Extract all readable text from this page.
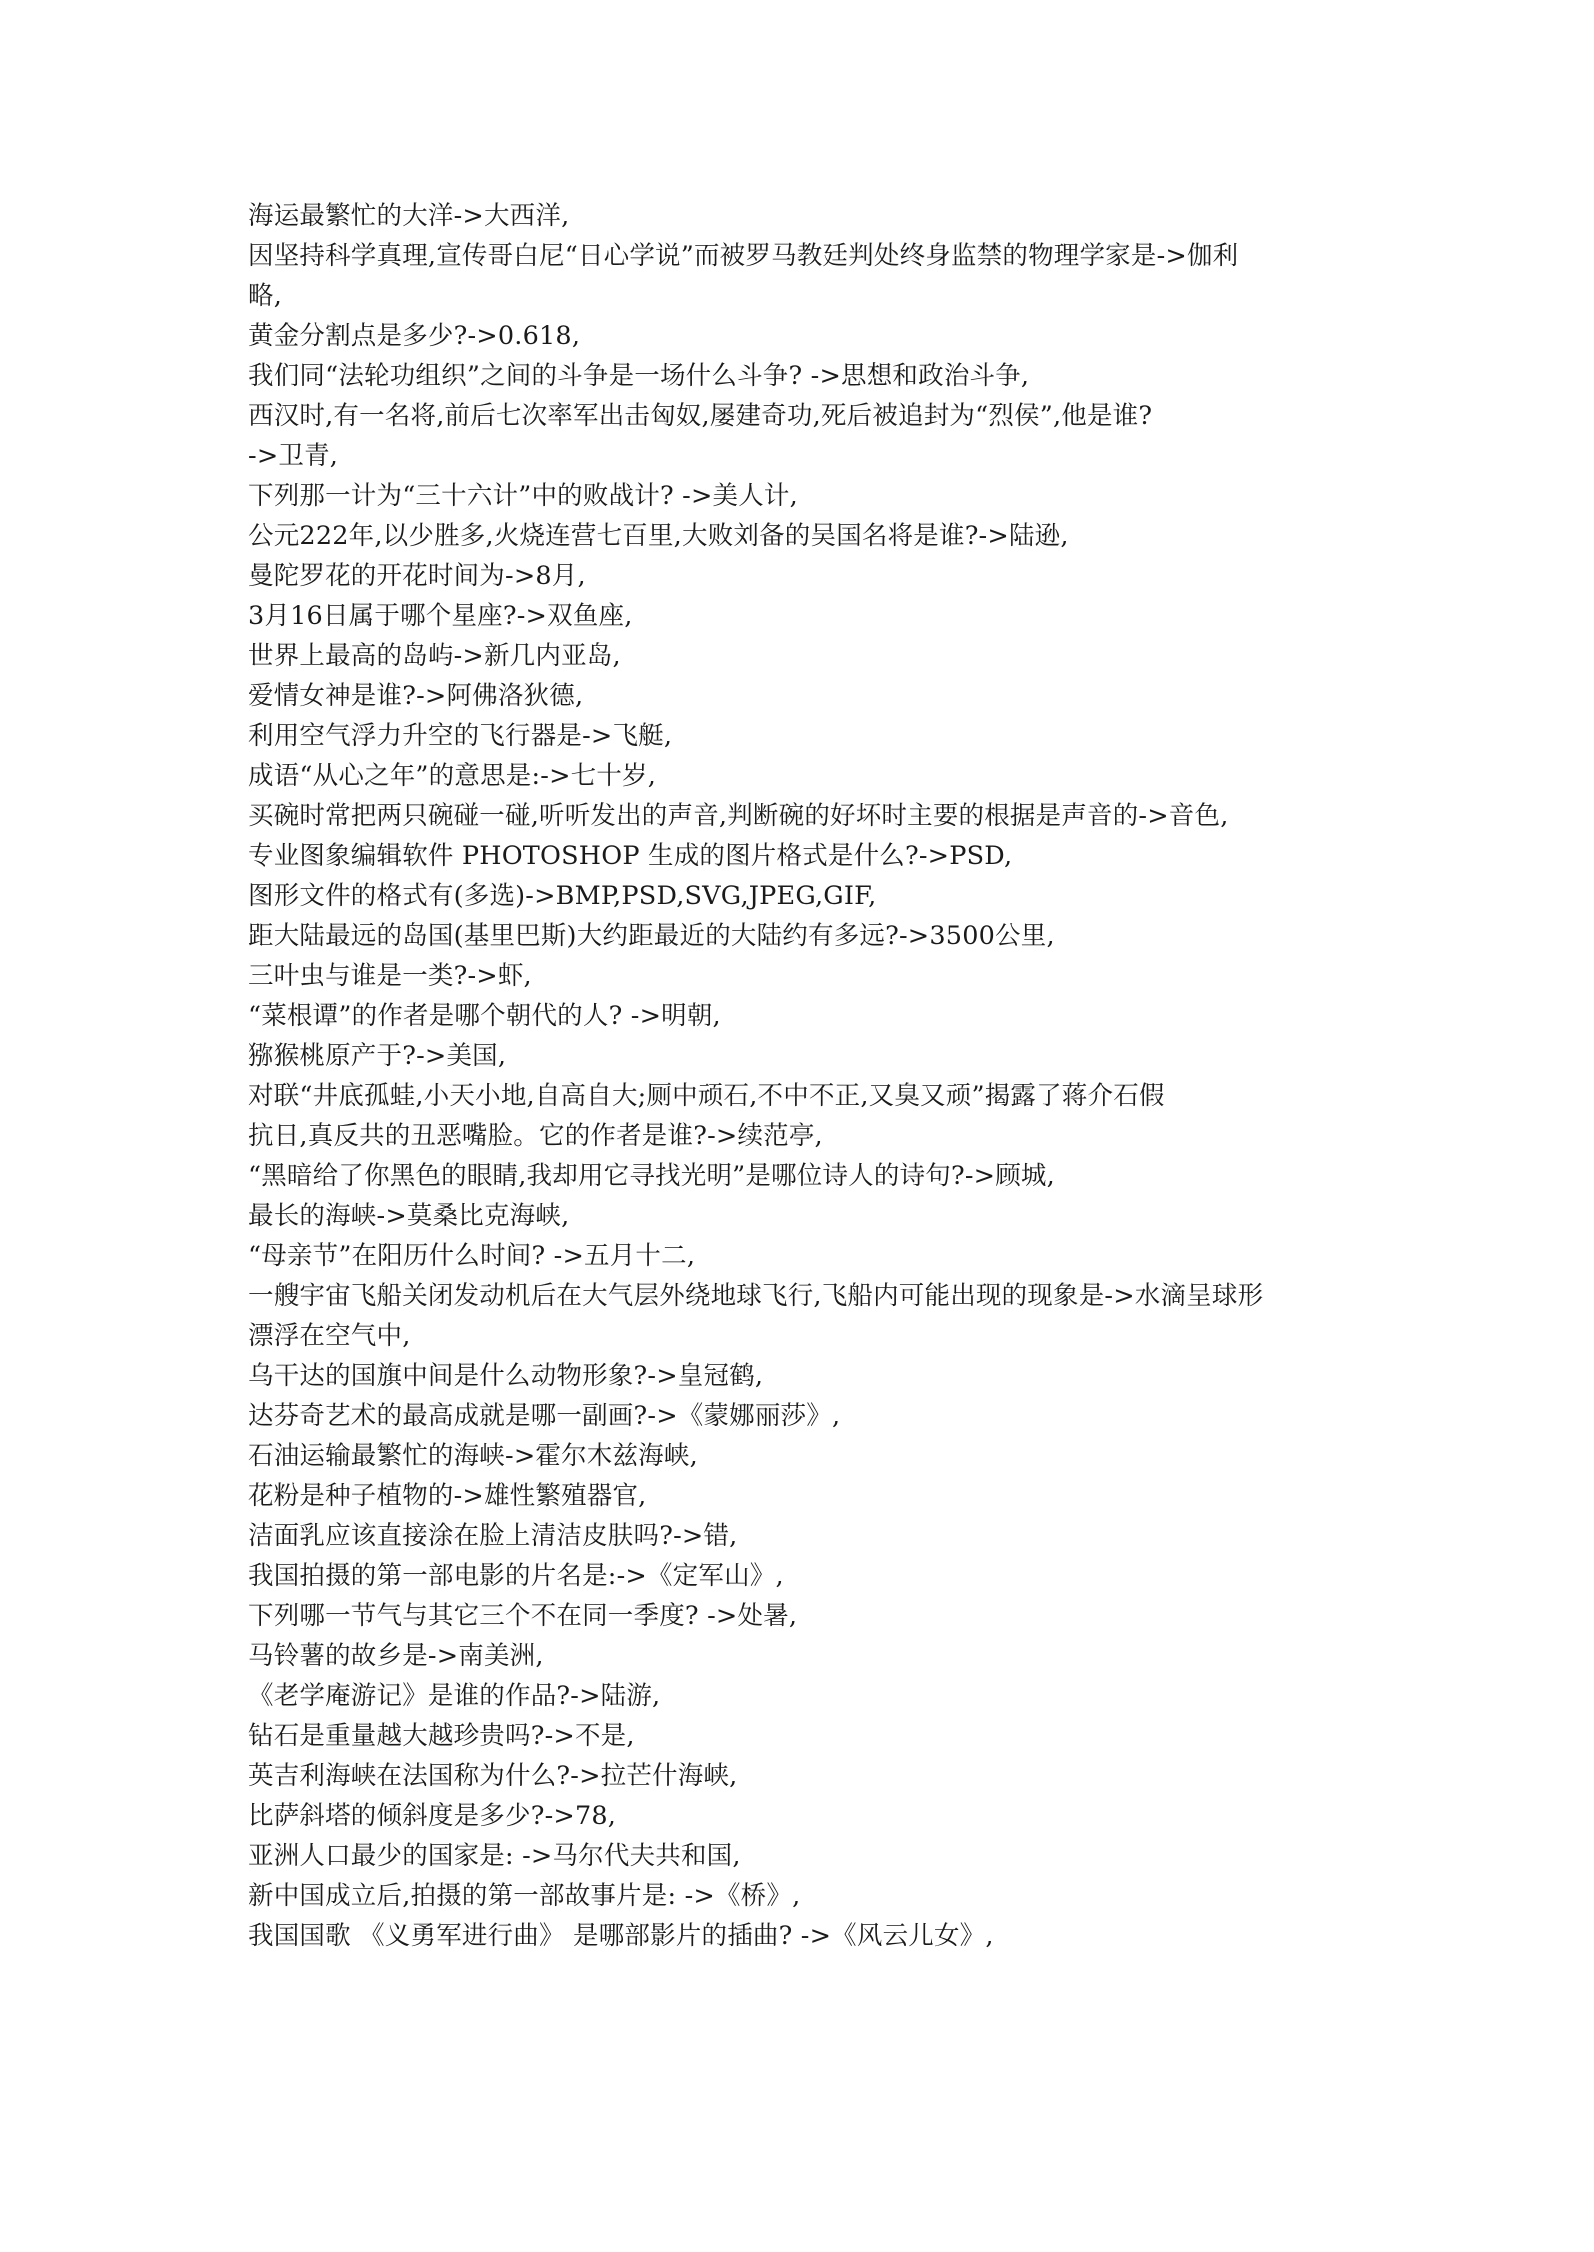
海运最繁忙的大洋->大西洋,
因坚持科学真理,宣传哥白尼“日心学说”而被罗马教廷判处终身监禁的物理学家是->伽利
略,
黄金分割点是多少?->0.618,
我们同“法轮功组织”之间的斗争是一场什么斗争? ->思想和政治斗争,
西汉时,有一名将,前后七次率军出击匈奴,屡建奇功,死后被追封为“烈侯”,他是谁?
->卫青,
下列那一计为“三十六计”中的败战计? ->美人计,
公元222年,以少胜多,火烧连营七百里,大败刘备的吴国名将是谁?->陆逊,
曼陀罗花的开花时间为->8月,
3月16日属于哪个星座?->双鱼座,
世界上最高的岛屿->新几内亚岛,
爱情女神是谁?->阿佛洛狄德,
利用空气浮力升空的飞行器是->飞艇,
成语“从心之年”的意思是:->七十岁,
买碗时常把两只碗碰一碰,听听发出的声音,判断碗的好坏时主要的根据是声音的->音色,
专业图象编辑软件 PHOTOSHOP 生成的图片格式是什么?->PSD,
图形文件的格式有(多选)->BMP,PSD,SVG,JPEG,GIF,
距大陆最远的岛国(基里巴斯)大约距最近的大陆约有多远?->3500公里,
三叶虫与谁是一类?->虾,
“菜根谭”的作者是哪个朝代的人? ->明朝,
猕猴桃原产于?->美国,
对联“井底孤蛙,小天小地,自高自大;厕中顽石,不中不正,又臭又顽”揭露了蒋介石假
抗日,真反共的丑恶嘴脸。它的作者是谁?->续范亭,
“黑暗给了你黑色的眼睛,我却用它寻找光明”是哪位诗人的诗句?->顾城,
最长的海峡->莫桑比克海峡,
“母亲节”在阳历什么时间? ->五月十二,
一艘宇宙飞船关闭发动机后在大气层外绕地球飞行,飞船内可能出现的现象是->水滴呈球形
漂浮在空气中,
乌干达的国旗中间是什么动物形象?->皇冠鹤,
达芬奇艺术的最高成就是哪一副画?->《蒙娜丽莎》,
石油运输最繁忙的海峡->霍尔木兹海峡,
花粉是种子植物的->雄性繁殖器官,
洁面乳应该直接涂在脸上清洁皮肤吗?->错,
我国拍摄的第一部电影的片名是:->《定军山》,
下列哪一节气与其它三个不在同一季度? ->处暑,
马铃薯的故乡是->南美洲,
《老学庵游记》是谁的作品?->陆游,
钻石是重量越大越珍贵吗?->不是,
英吉利海峡在法国称为什么?->拉芒什海峡,
比萨斜塔的倾斜度是多少?->78,
亚洲人口最少的国家是: ->马尔代夫共和国,
新中国成立后,拍摄的第一部故事片是: ->《桥》,
我国国歌 《义勇军进行曲》 是哪部影片的插曲? ->《风云儿女》,
